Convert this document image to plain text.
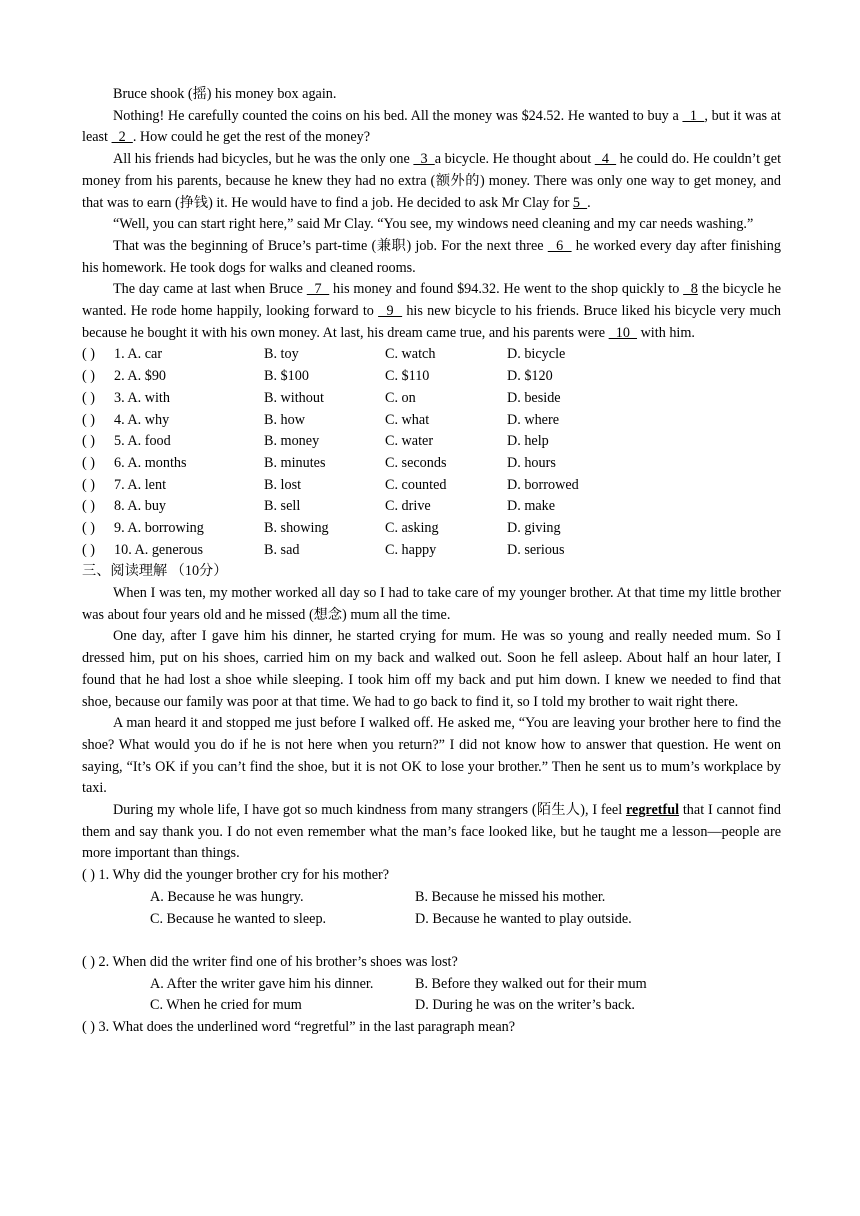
Bruce shook (摇) his money box again.

Nothing! He carefully counted the coins on his bed. All the money was $24.52. He wanted to buy a   1  , but it was at least   2  . How could he get the rest of the money?

All his friends had bicycles, but he was the only one   3  a bicycle. He thought about   4   he could do. He couldn’t get money from his parents, because he knew they had no extra (额外的) money. There was only one way to get money, and that was to earn (挣钱) it. He would have to find a job. He decided to ask Mr Clay for 5  .

“Well, you can start right here,” said Mr Clay. “You see, my windows need cleaning and my car needs washing.”

That was the beginning of Bruce’s part-time (兼职) job. For the next three   6   he worked every day after finishing his homework. He took dogs for walks and cleaned rooms.

The day came at last when Bruce   7   his money and found $94.32. He went to the shop quickly to   8 the bicycle he wanted. He rode home happily, looking forward to   9   his new bicycle to his friends. Bruce liked his bicycle very much because he bought it with his own money. At last, his dream came true, and his parents were   10   with him.

( )	1. A. car	B. toy	C. watch	D. bicycle
( )	2. A. $90	B. $100	C. $110	D. $120
( )	3. A. with	B. without	C. on	D. beside
( )	4. A. why	B. how	C. what	D. where
( )	5. A. food	B. money	C. water	D. help
( )	6. A. months	B. minutes	C. seconds	D. hours
( )	7. A. lent	B. lost	C. counted	D. borrowed
( )	8. A. buy	B. sell	C. drive	D. make
( )	9. A. borrowing	B. showing	C. asking	D. giving
( )	10. A. generous	B. sad	C. happy	D. serious

三、阅读理解 （10分）

When I was ten, my mother worked all day so I had to take care of my younger brother. At that time my little brother was about four years old and he missed (想念) mum all the time.

One day, after I gave him his dinner, he started crying for mum. He was so young and really needed mum. So I dressed him, put on his shoes, carried him on my back and walked out. Soon he fell asleep. About half an hour later, I found that he had lost a shoe while sleeping. I took him off my back and put him down. I knew we needed to find that shoe, because our family was poor at that time. We had to go back to find it, so I told my brother to wait right there.

A man heard it and stopped me just before I walked off. He asked me, “You are leaving your brother here to find the shoe? What would you do if he is not here when you return?” I did not know how to answer that question. He went on saying, “It’s OK if you can’t find the shoe, but it is not OK to lose your brother.” Then he sent us to mum’s workplace by taxi.

During my whole life, I have got so much kindness from many strangers (陌生人), I feel regretful that I cannot find them and say thank you. I do not even remember what the man’s face looked like, but he taught me a lesson—people are more important than things.

( ) 1. Why did the younger brother cry for his mother?
A. Because he was hungry.	B. Because he missed his mother.
C. Because he wanted to sleep.	D. Because he wanted to play outside.
( ) 2. When did the writer find one of his brother’s shoes was lost?
A. After the writer gave him his dinner.	B. Before they walked out for their mum
C. When he cried for mum	D. During he was on the writer’s back.
( ) 3. What does the underlined word “regretful” in the last paragraph mean?
